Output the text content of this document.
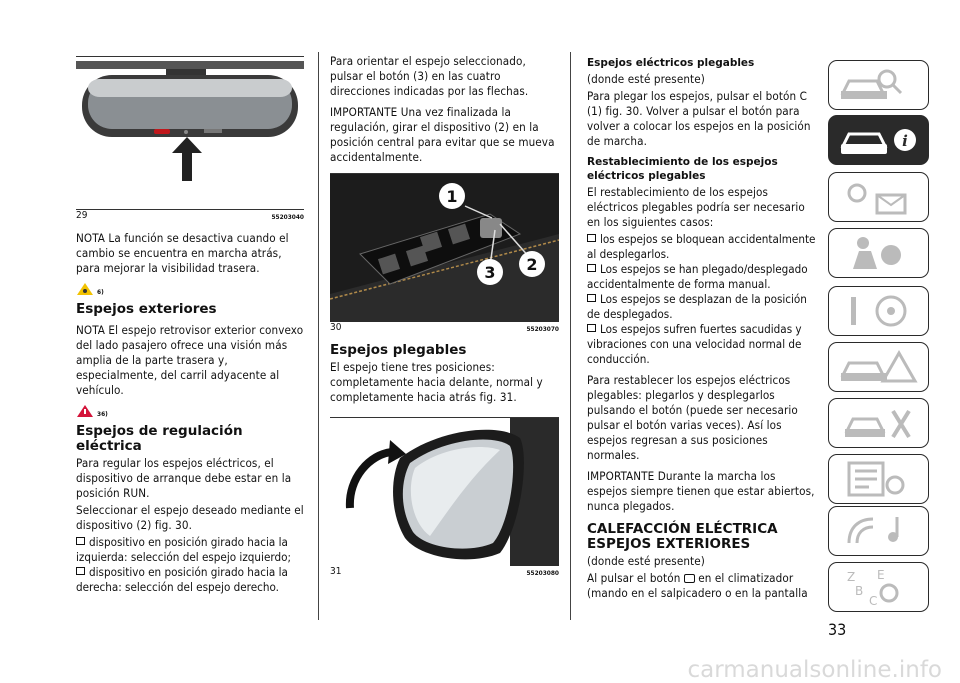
29	55203040

NOTA La función se desactiva cuando el cambio se encuentra en marcha atrás, para mejorar la visibilidad trasera.

6)
Espejos exteriores

NOTA El espejo retrovisor exterior convexo del lado pasajero ofrece una visión más amplia de la parte trasera y, especialmente, del carril adyacente al vehículo.

36)
Espejos de regulación eléctrica

Para regular los espejos eléctricos, el dispositivo de arranque debe estar en la posición RUN.

Seleccionar el espejo deseado mediante el dispositivo (2) fig. 30.

dispositivo en posición girado hacia la izquierda: selección del espejo izquierdo;
dispositivo en posición girado hacia la derecha: selección del espejo derecho.

Para orientar el espejo seleccionado, pulsar el botón (3) en las cuatro direcciones indicadas por las flechas.

IMPORTANTE Una vez finalizada la regulación, girar el dispositivo (2) en la posición central para evitar que se mueva accidentalmente.

1
2
3
30	55203070
Espejos plegables

El espejo tiene tres posiciones: completamente hacia delante, normal y completamente hacia atrás fig. 31.

31	55203080
Espejos eléctricos plegables

(donde esté presente)

Para plegar los espejos, pulsar el botón C (1) fig. 30. Volver a pulsar el botón para volver a colocar los espejos en la posición de marcha.

Restablecimiento de los espejos eléctricos plegables

El restablecimiento de los espejos eléctricos plegables podría ser necesario en los siguientes casos:

los espejos se bloquean accidentalmente al desplegarlos.
Los espejos se han plegado/desplegado accidentalmente de forma manual.
Los espejos se desplazan de la posición de desplegados.
Los espejos sufren fuertes sacudidas y vibraciones con una velocidad normal de conducción.

Para restablecer los espejos eléctricos plegables: plegarlos y desplegarlos pulsando el botón (puede ser necesario pulsar el botón varias veces). Así los espejos regresan a sus posiciones normales.

IMPORTANTE Durante la marcha los espejos siempre tienen que estar abiertos, nunca plegados.

CALEFACCIÓN ELÉCTRICA
ESPEJOS EXTERIORES

(donde esté presente)

Al pulsar el botón en el climatizador (mando en el salpicadero o en la pantalla

i
Z E
B
C
33
carmanualsonline.info
